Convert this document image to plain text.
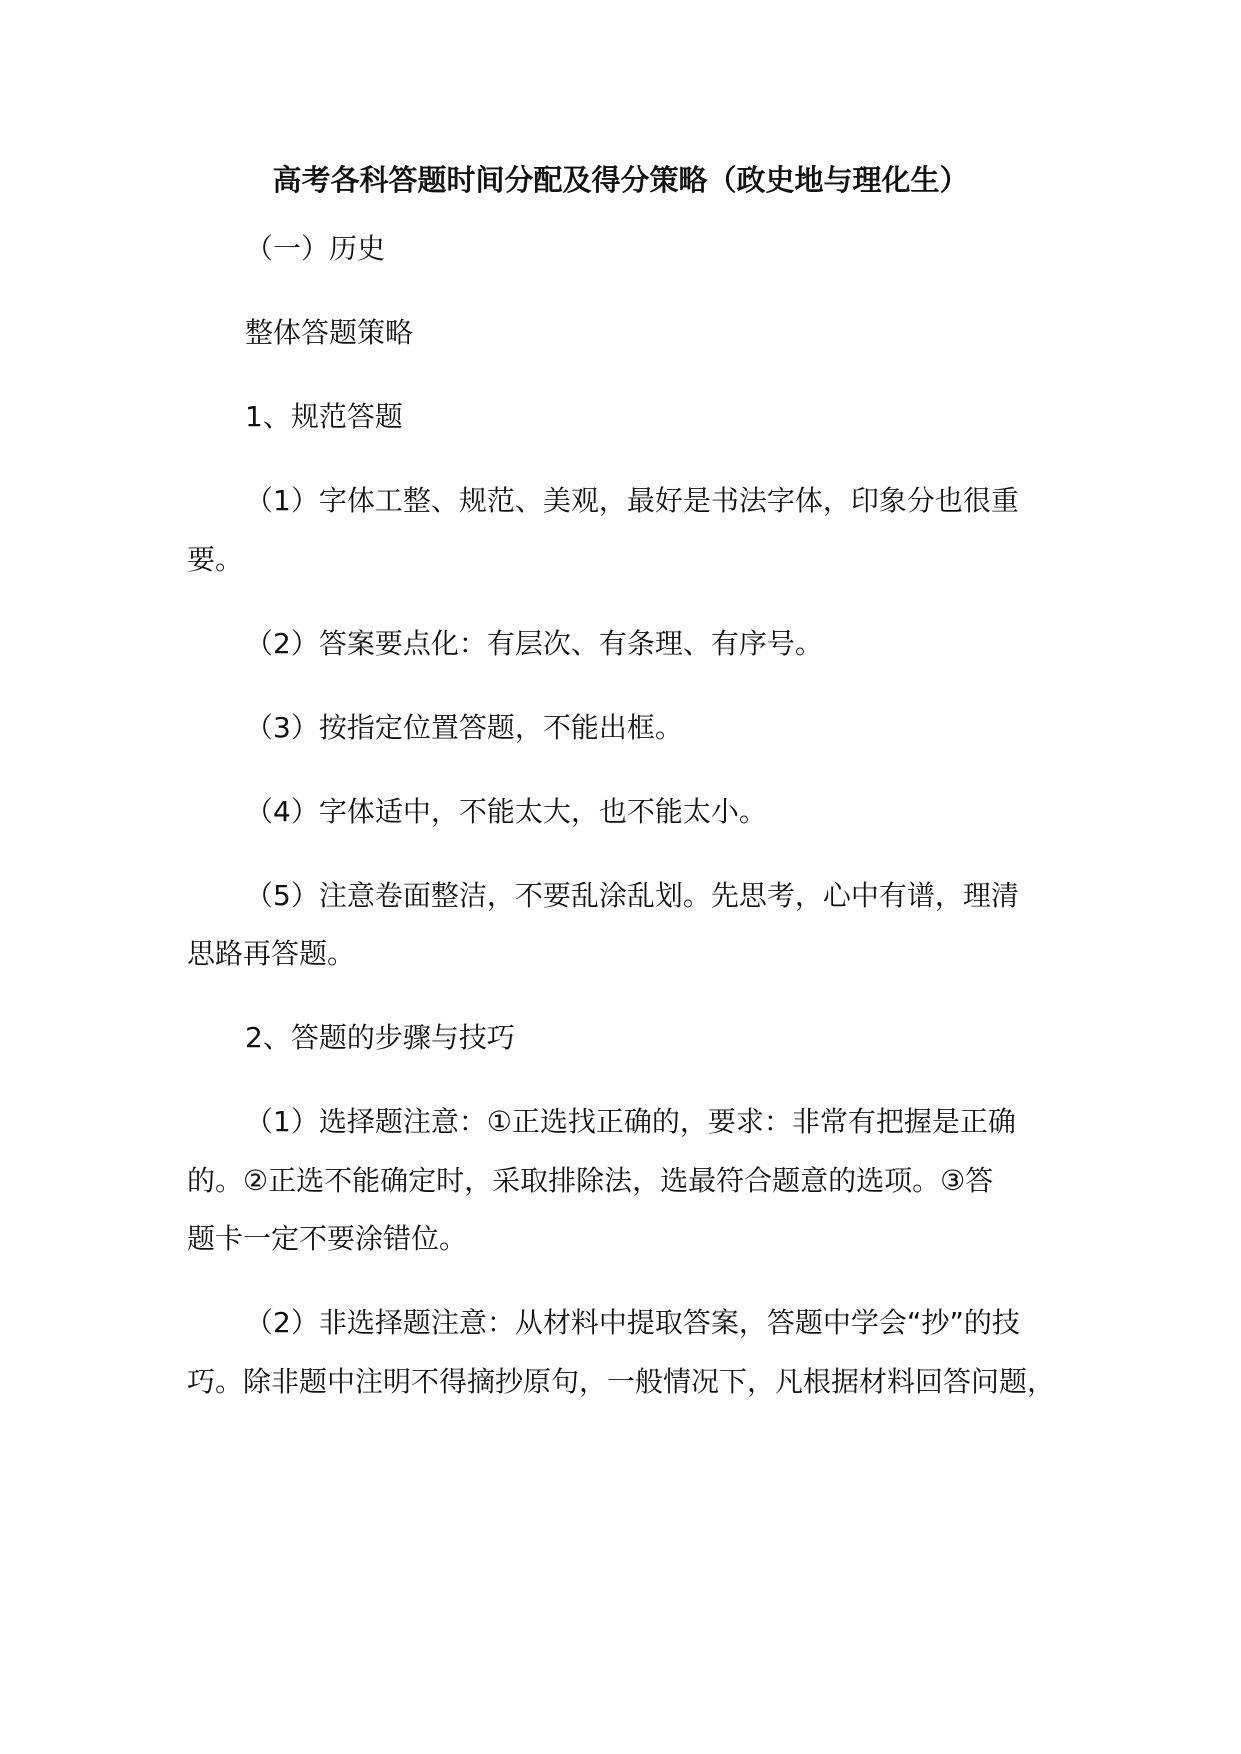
高考各科答题时间分配及得分策略（政史地与理化生）
（一）历史
整体答题策略
1、规范答题
（1）字体工整、规范、美观，最好是书法字体，印象分也很重
要。
（2）答案要点化：有层次、有条理、有序号。
（3）按指定位置答题，不能出框。
（4）字体适中，不能太大，也不能太小。
（5）注意卷面整洁，不要乱涂乱划。先思考，心中有谱，理清
思路再答题。
2、答题的步骤与技巧
（1）选择题注意：①正选找正确的，要求：非常有把握是正确
的。②正选不能确定时，采取排除法，选最符合题意的选项。③答
题卡一定不要涂错位。
（2）非选择题注意：从材料中提取答案，答题中学会“抄”的技
巧。除非题中注明不得摘抄原句，一般情况下，凡根据材料回答问题，
